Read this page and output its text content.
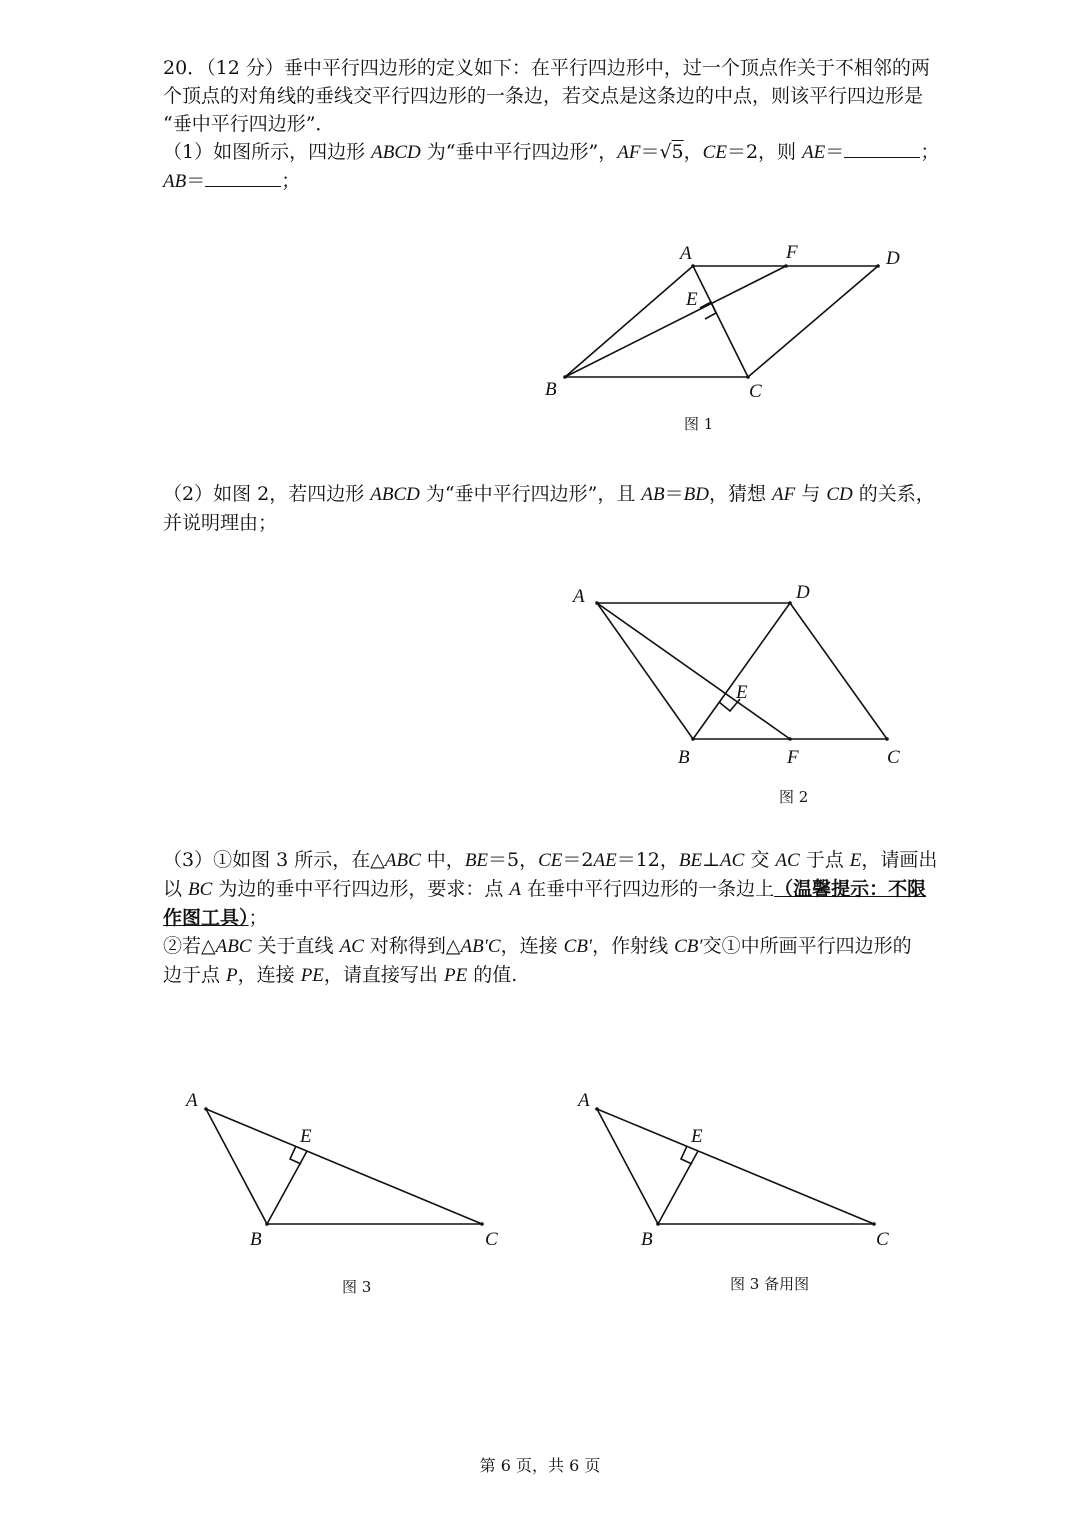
20．（12 分）垂中平行四边形的定义如下：在平行四边形中，过一个顶点作关于不相邻的两

个顶点的对角线的垂线交平行四边形的一条边，若交点是这条边的中点，则该平行四边形是

“垂中平行四边形”．

（1）如图所示，四边形 ABCD 为“垂中平行四边形”，AF＝√5，CE＝2，则 AE＝	；

AB＝	；

A	F	D
E
B	C
图 1

（2）如图 2，若四边形 ABCD 为“垂中平行四边形”，且 AB＝BD，猜想 AF 与 CD 的关系，

并说明理由；

A	D
E
B	F	C
图 2

（3）①如图 3 所示，在△ABC 中，BE＝5，CE＝2AE＝12，BE⊥AC 交 AC 于点 E，请画出

以 BC 为边的垂中平行四边形，要求：点 A 在垂中平行四边形的一条边上（温馨提示：不限

作图工具）；

②若△ABC 关于直线 AC 对称得到△AB′C，连接 CB′，作射线 CB′交①中所画平行四边形的

边于点 P，连接 PE，请直接写出 PE 的值.

A
E
B	C
图 3
A
E
B	C
图 3 备用图
第 6 页，共 6 页
